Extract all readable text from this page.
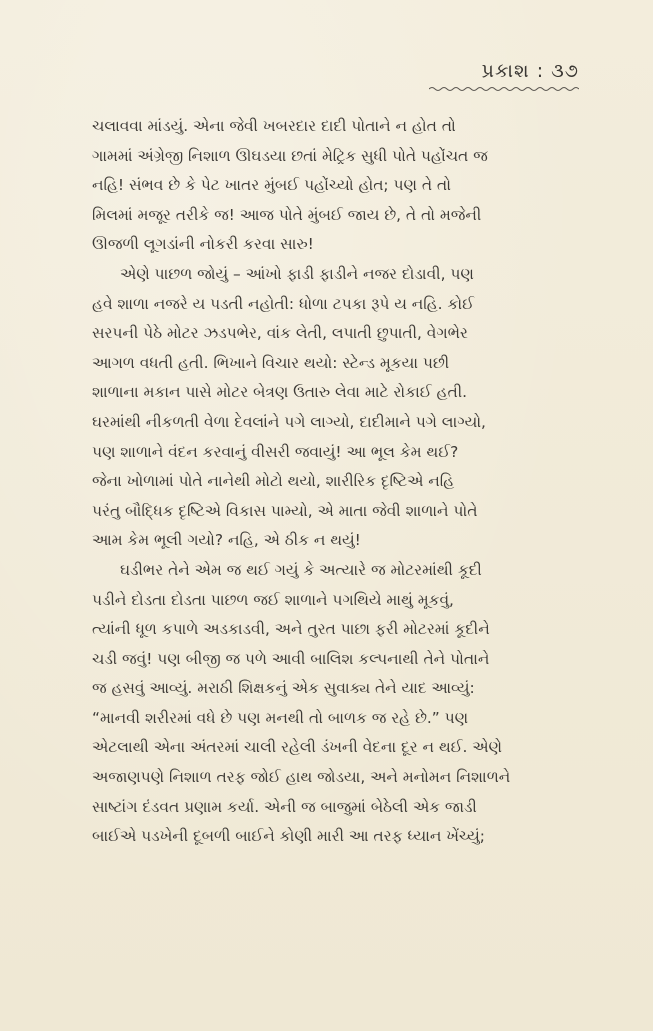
પ્રકાશ : ૩૭

ચલાવવા માંડયું. એના જેવી ખબરદાર દાદી પોતાને ન હોત તો
ગામમાં અંગ્રેજી નિશાળ ઊઘડયા છતાં મેટ્રિક સુધી પોતે પહોંચત જ
નહિ! સંભવ છે કે પેટ ખાતર મુંબઈ પહોંચ્યો હોત; પણ તે તો
મિલમાં મજૂર તરીકે જ! આજ પોતે મુંબઈ જાય છે, તે તો મજેની
ઊજળી લૂગડાંની નોકરી કરવા સારુ!

એણે પાછળ જોયું – આંખો ફાડી ફાડીને નજર દોડાવી, પણ
હવે શાળા નજરે ય પડતી નહોતી: ધોળા ટપકા રૂપે ય નહિ. કોઈ
સરપની પેઠે મોટર ઝડપભેર, વાંક લેતી, લપાતી છુપાતી, વેગભેર
આગળ વધતી હતી. ભિખાને વિચાર થયો: સ્ટેન્ડ મૂકયા પછી
શાળાના મકાન પાસે મોટર બેત્રણ ઉતારુ લેવા માટે રોકાઈ હતી.
ઘરમાંથી નીકળતી વેળા દેવલાંને પગે લાગ્યો, દાદીમાને પગે લાગ્યો,
પણ શાળાને વંદન કરવાનું વીસરી જવાયું! આ ભૂલ કેમ થઈ?
જેના ખોળામાં પોતે નાનેથી મોટો થયો, શારીરિક દૃષ્ટિએ નહિ
પરંતુ બૌદ્ધિક દૃષ્ટિએ વિકાસ પામ્યો, એ માતા જેવી શાળાને પોતે
આમ કેમ ભૂલી ગયો? નહિ, એ ઠીક ન થયું!

ઘડીભર તેને એમ જ થઈ ગયું કે અત્યારે જ મોટરમાંથી કૂદી
પડીને દોડતા દોડતા પાછળ જઈ શાળાને પગથિયે માથું મૂકવું,
ત્યાંની ધૂળ કપાળે અડકાડવી, અને તુરત પાછા ફરી મોટરમાં કૂદીને
ચડી જવું! પણ બીજી જ પળે આવી બાલિશ કલ્પનાથી તેને પોતાને
જ હસવું આવ્યું. મરાઠી શિક્ષકનું એક સુવાક્ય તેને યાદ આવ્યું:
“માનવી શરીરમાં વધે છે પણ મનથી તો બાળક જ રહે છે.” પણ
એટલાથી એના અંતરમાં ચાલી રહેલી ડંખની વેદના દૂર ન થઈ. એણે
અજાણપણે નિશાળ તરફ જોઈ હાથ જોડયા, અને મનોમન નિશાળને
સાષ્ટાંગ દંડવત પ્રણામ કર્યા. એની જ બાજુમાં બેઠેલી એક જાડી
બાઈએ પડખેની દૂબળી બાઈને કોણી મારી આ તરફ ધ્યાન ખેંચ્યું;
